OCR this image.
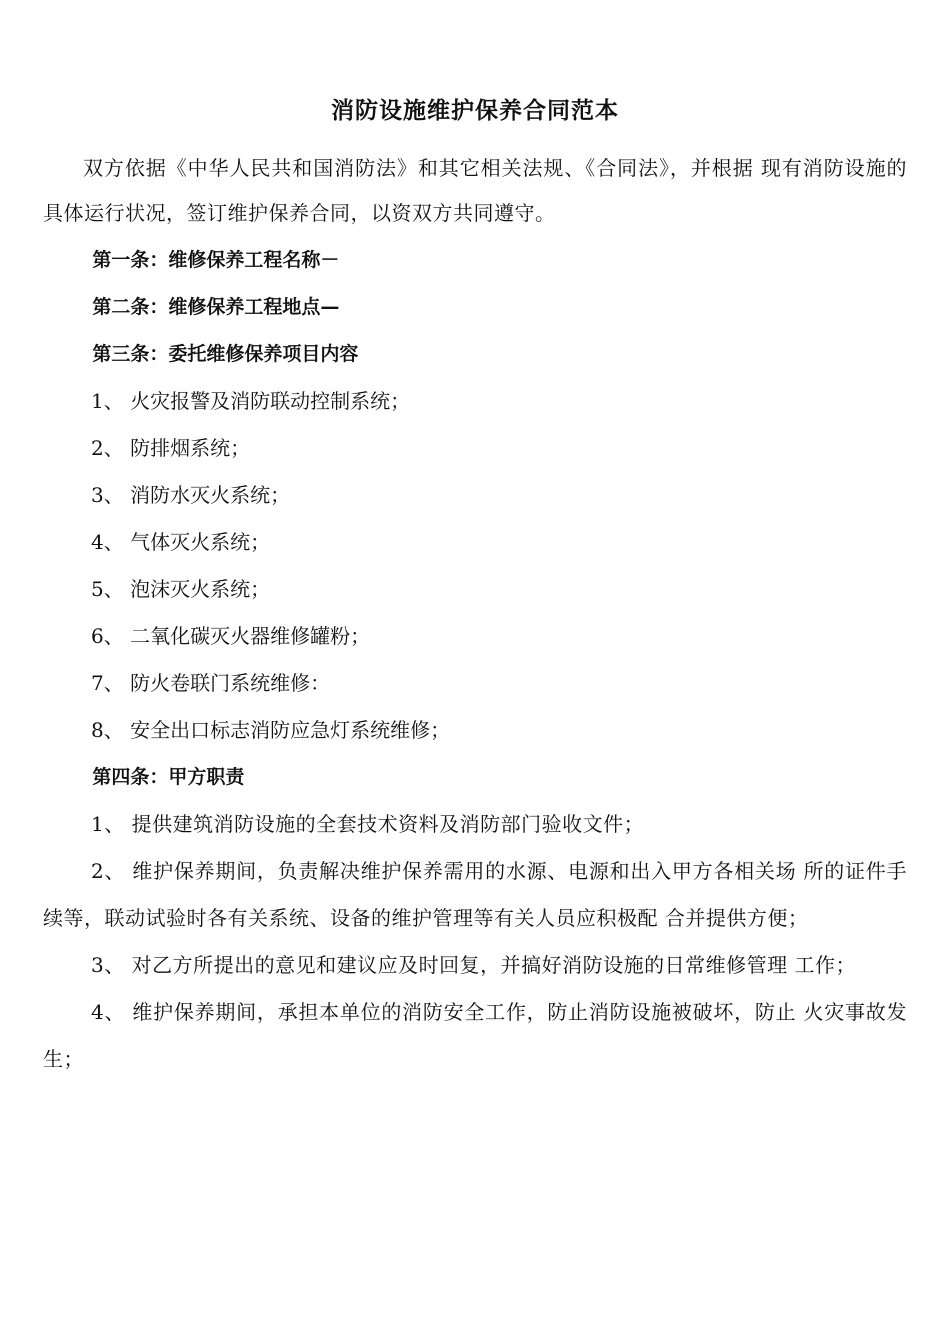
消防设施维护保养合同范本

双方依据《中华人民共和国消防法》和其它相关法规、《合同法》，并根据 现有消防设施的具体运行状况，签订维护保养合同，以资双方共同遵守。

第一条：维修保养工程名称－

第二条：维修保养工程地点—

第三条：委托维修保养项目内容

1、 火灾报警及消防联动控制系统；

2、 防排烟系统；

3、 消防水灭火系统；

4、 气体灭火系统；

5、 泡沫灭火系统；

6、 二氧化碳灭火器维修罐粉；

7、 防火卷联门系统维修：

8、 安全出口标志消防应急灯系统维修；

第四条：甲方职责

1、 提供建筑消防设施的全套技术资料及消防部门验收文件；

2、 维护保养期间，负责解决维护保养需用的水源、电源和出入甲方各相关场 所的证件手续等，联动试验时各有关系统、设备的维护管理等有关人员应积极配 合并提供方便；

3、 对乙方所提出的意见和建议应及时回复，并搞好消防设施的日常维修管理 工作；

4、 维护保养期间，承担本单位的消防安全工作，防止消防设施被破坏，防止 火灾事故发生；
